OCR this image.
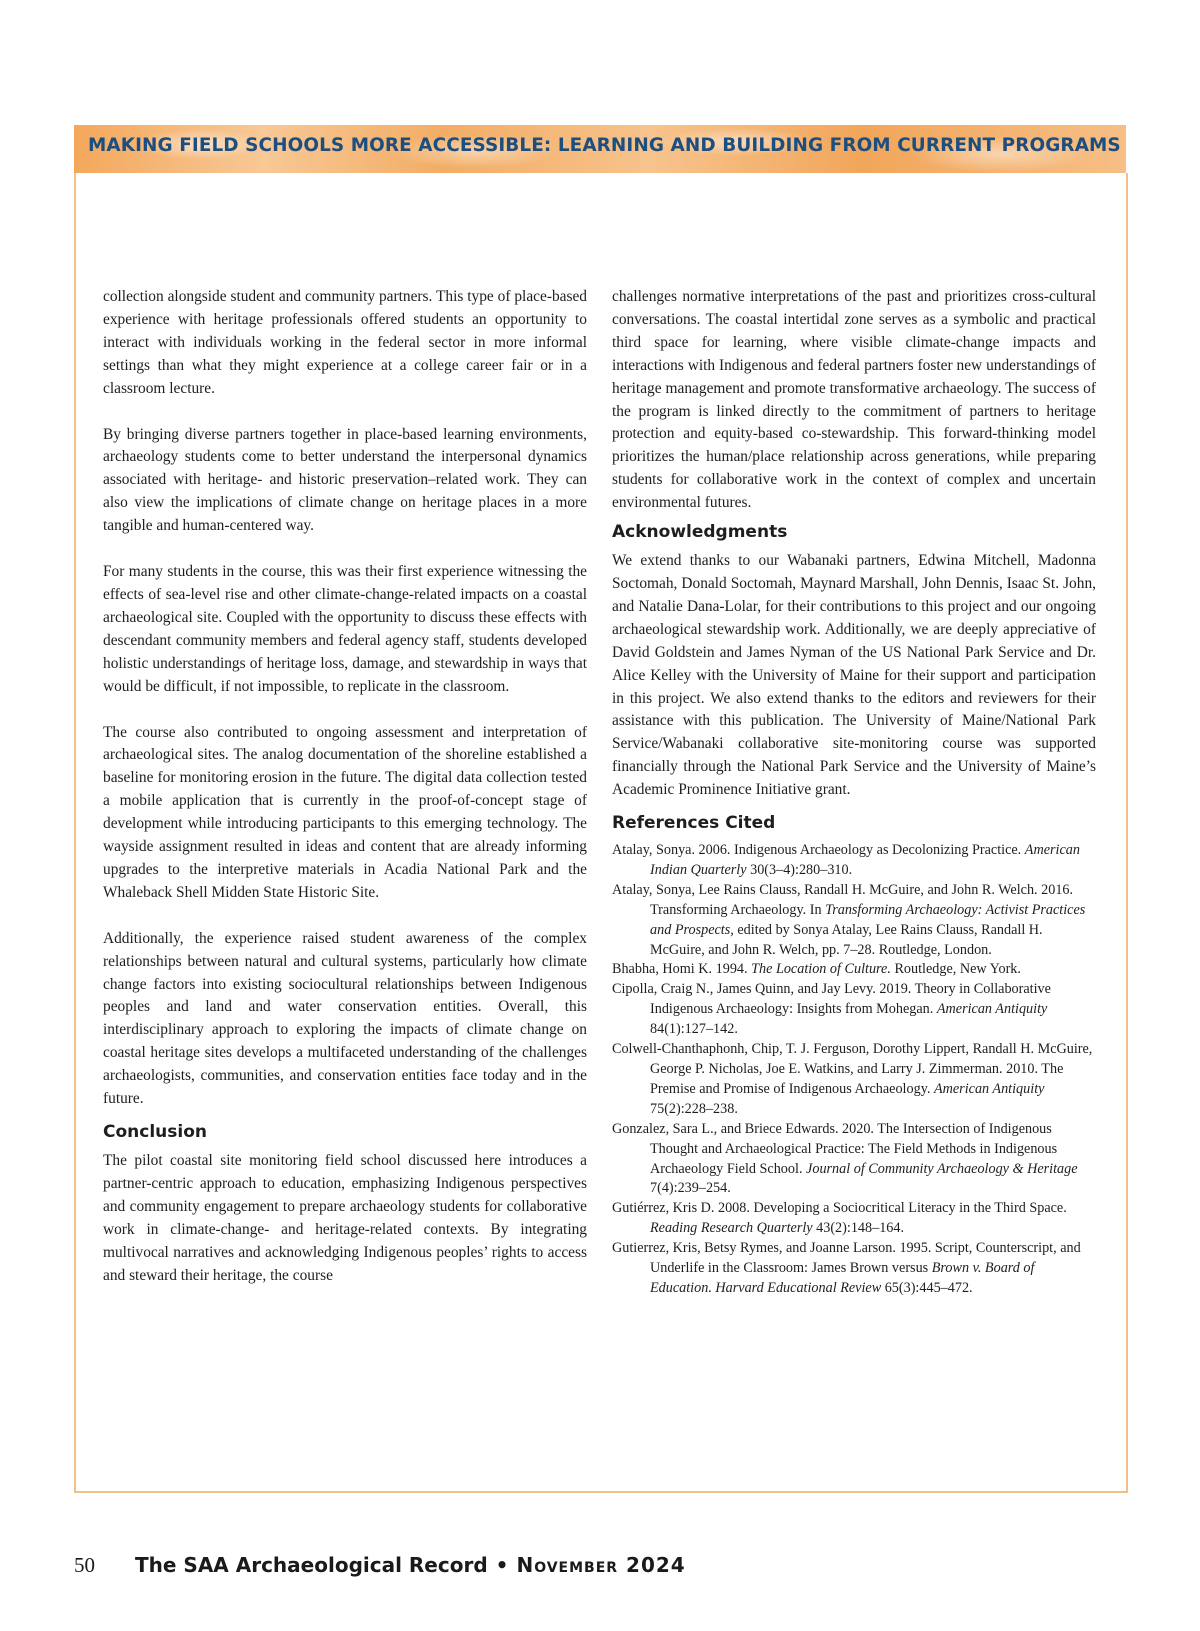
MAKING FIELD SCHOOLS MORE ACCESSIBLE: LEARNING AND BUILDING FROM CURRENT PROGRAMS

collection alongside student and community partners. This type of place-based experience with heritage professionals offered students an opportunity to interact with individuals working in the federal sector in more informal settings than what they might experience at a college career fair or in a classroom lecture.

By bringing diverse partners together in place-based learning environments, archaeology students come to better understand the interpersonal dynamics associated with heritage- and historic preservation–related work. They can also view the implications of climate change on heritage places in a more tangible and human-centered way.

For many students in the course, this was their first experience witnessing the effects of sea-level rise and other climate-change-related impacts on a coastal archaeological site. Coupled with the opportunity to discuss these effects with descendant community members and federal agency staff, students developed holistic understandings of heritage loss, damage, and stewardship in ways that would be difficult, if not impossible, to replicate in the classroom.

The course also contributed to ongoing assessment and interpretation of archaeological sites. The analog documentation of the shoreline established a baseline for monitoring erosion in the future. The digital data collection tested a mobile application that is currently in the proof-of-concept stage of development while introducing participants to this emerging technology. The wayside assignment resulted in ideas and content that are already informing upgrades to the interpretive materials in Acadia National Park and the Whaleback Shell Midden State Historic Site.

Additionally, the experience raised student awareness of the complex relationships between natural and cultural systems, particularly how climate change factors into existing sociocultural relationships between Indigenous peoples and land and water conservation entities. Overall, this interdisciplinary approach to exploring the impacts of climate change on coastal heritage sites develops a multifaceted understanding of the challenges archaeologists, communities, and conservation entities face today and in the future.

Conclusion

The pilot coastal site monitoring field school discussed here introduces a partner-centric approach to education, emphasizing Indigenous perspectives and community engagement to prepare archaeology students for collaborative work in climate-change- and heritage-related contexts. By integrating multivocal narratives and acknowledging Indigenous peoples’ rights to access and steward their heritage, the course

challenges normative interpretations of the past and prioritizes cross-cultural conversations. The coastal intertidal zone serves as a symbolic and practical third space for learning, where visible climate-change impacts and interactions with Indigenous and federal partners foster new understandings of heritage management and promote transformative archaeology. The success of the program is linked directly to the commitment of partners to heritage protection and equity-based co-stewardship. This forward-thinking model prioritizes the human/place relationship across generations, while preparing students for collaborative work in the context of complex and uncertain environmental futures.

Acknowledgments

We extend thanks to our Wabanaki partners, Edwina Mitchell, Madonna Soctomah, Donald Soctomah, Maynard Marshall, John Dennis, Isaac St. John, and Natalie Dana-Lolar, for their contributions to this project and our ongoing archaeological stewardship work. Additionally, we are deeply appreciative of David Goldstein and James Nyman of the US National Park Service and Dr. Alice Kelley with the University of Maine for their support and participation in this project. We also extend thanks to the editors and reviewers for their assistance with this publication. The University of Maine/National Park Service/Wabanaki collaborative site-monitoring course was supported financially through the National Park Service and the University of Maine’s Academic Prominence Initiative grant.

References Cited
Atalay, Sonya. 2006. Indigenous Archaeology as Decolonizing Practice. American Indian Quarterly 30(3–4):280–310.
Atalay, Sonya, Lee Rains Clauss, Randall H. McGuire, and John R. Welch. 2016. Transforming Archaeology. In Transforming Archaeology: Activist Practices and Prospects, edited by Sonya Atalay, Lee Rains Clauss, Randall H. McGuire, and John R. Welch, pp. 7–28. Routledge, London.
Bhabha, Homi K. 1994. The Location of Culture. Routledge, New York.
Cipolla, Craig N., James Quinn, and Jay Levy. 2019. Theory in Collaborative Indigenous Archaeology: Insights from Mohegan. American Antiquity 84(1):127–142.
Colwell-Chanthaphonh, Chip, T. J. Ferguson, Dorothy Lippert, Randall H. McGuire, George P. Nicholas, Joe E. Watkins, and Larry J. Zimmerman. 2010. The Premise and Promise of Indigenous Archaeology. American Antiquity 75(2):228–238.
Gonzalez, Sara L., and Briece Edwards. 2020. The Intersection of Indigenous Thought and Archaeological Practice: The Field Methods in Indigenous Archaeology Field School. Journal of Community Archaeology & Heritage 7(4):239–254.
Gutiérrez, Kris D. 2008. Developing a Sociocritical Literacy in the Third Space. Reading Research Quarterly 43(2):148–164.
Gutierrez, Kris, Betsy Rymes, and Joanne Larson. 1995. Script, Counterscript, and Underlife in the Classroom: James Brown versus Brown v. Board of Education. Harvard Educational Review 65(3):445–472.
50 The SAA Archaeological Record • November 2024
